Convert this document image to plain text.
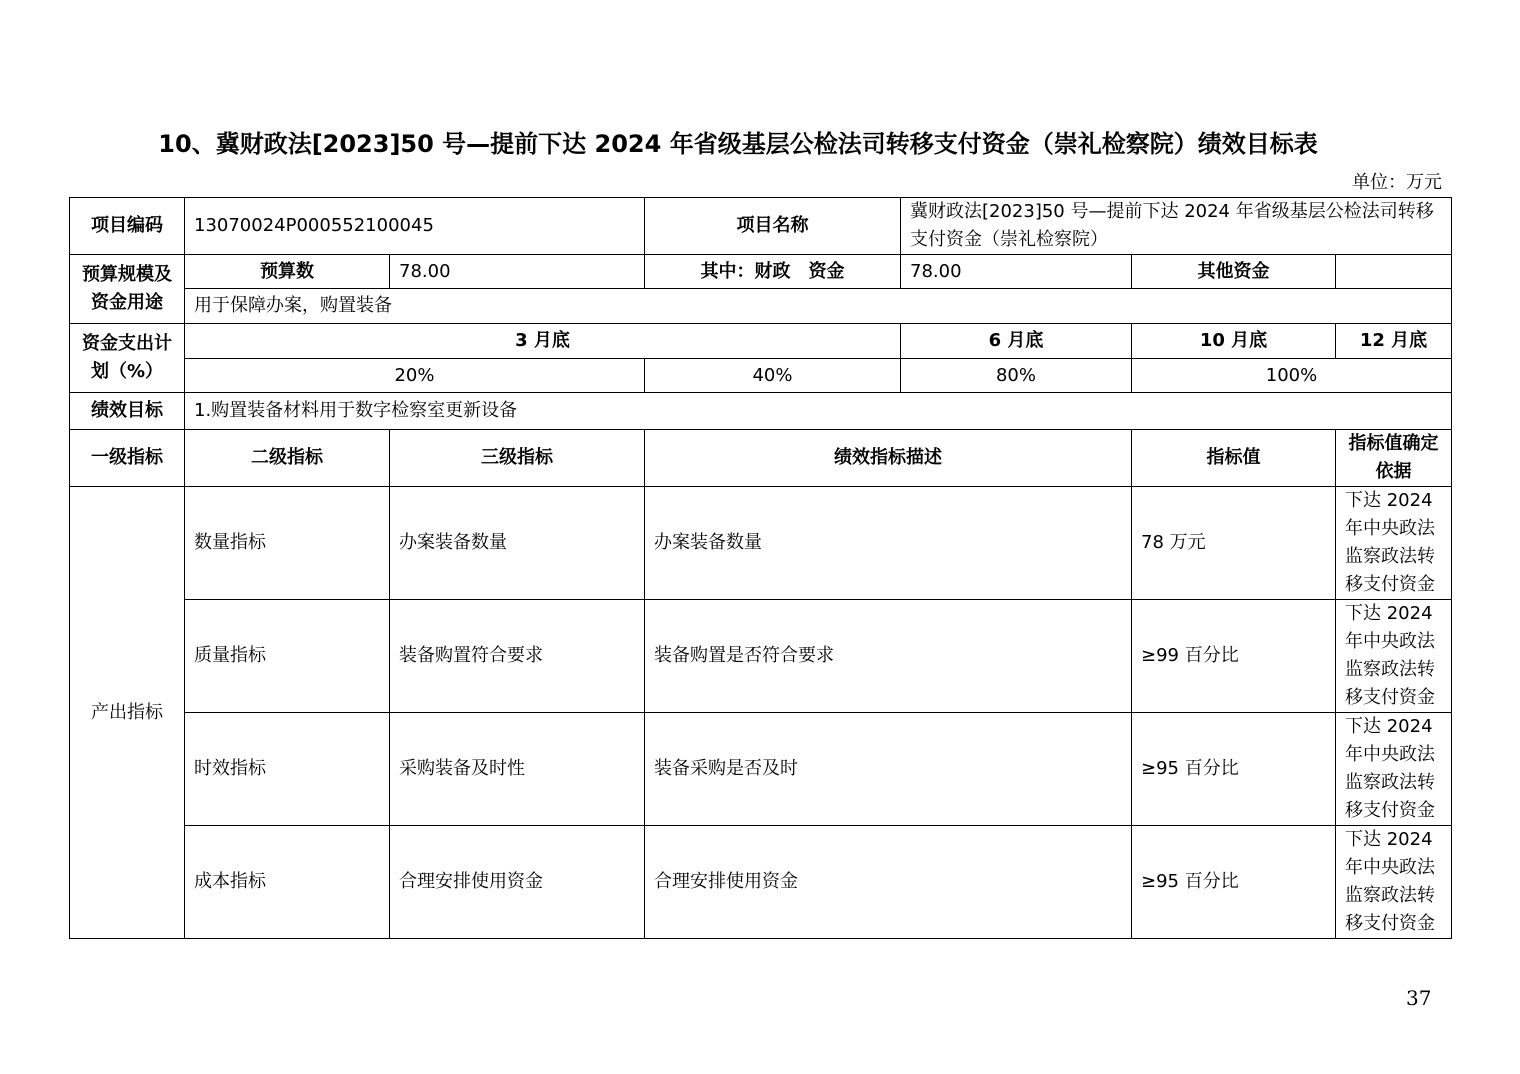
10、冀财政法[2023]50 号—提前下达 2024 年省级基层公检法司转移支付资金（崇礼检察院）绩效目标表
单位：万元
项目编码	13070024P000552100045		项目名称	冀财政法[2023]50 号—提前下达 2024 年省级基层公检法司转移支付资金（崇礼检察院）		
预算规模及资金用途	预算数	78.00	其中：财政　资金	78.00	其他资金	
	用于保障办案，购置装备					
资金支出计划（%）	3 月底			6 月底	10 月底	12 月底
	20%		40%	80%	100%	
绩效目标	1.购置装备材料用于数字检察室更新设备					
一级指标	二级指标	三级指标	绩效指标描述		指标值	指标值确定依据
产出指标	数量指标	办案装备数量	办案装备数量		78 万元	下达 2024 年中央政法监察政法转移支付资金
	质量指标	装备购置符合要求	装备购置是否符合要求		≥99 百分比	下达 2024 年中央政法监察政法转移支付资金
	时效指标	采购装备及时性	装备采购是否及时		≥95 百分比	下达 2024 年中央政法监察政法转移支付资金
	成本指标	合理安排使用资金	合理安排使用资金		≥95 百分比	下达 2024 年中央政法监察政法转移支付资金
37
